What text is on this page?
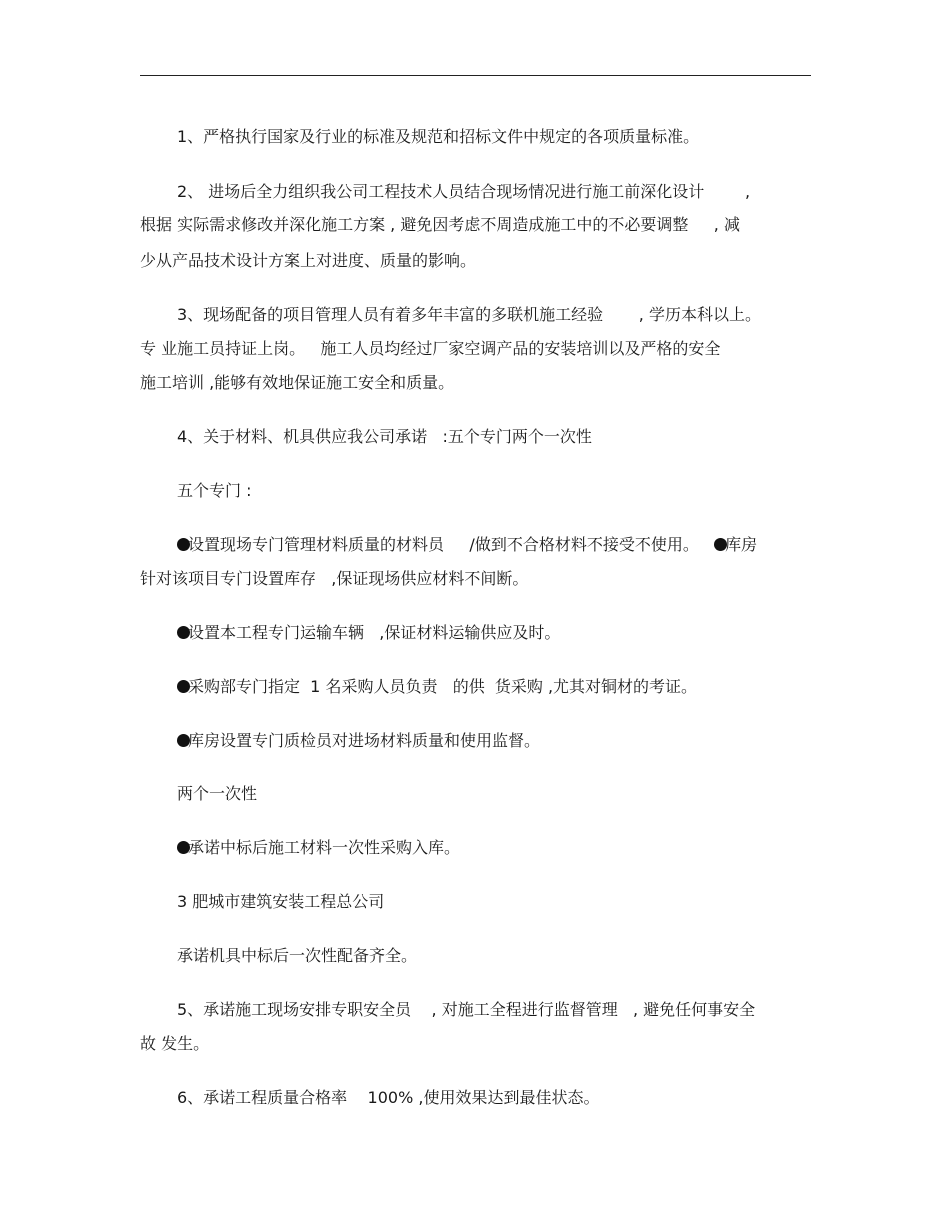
1、严格执行国家及行业的标准及规范和招标文件中规定的各项质量标准。
2、 进场后全力组织我公司工程技术人员结合现场情况进行施工前深化设计        ,
根据 实际需求修改并深化施工方案 , 避免因考虑不周造成施工中的不必要调整     , 减
少从产品技术设计方案上对进度、质量的影响。
3、现场配备的项目管理人员有着多年丰富的多联机施工经验       , 学历本科以上。
专 业施工员持证上岗。   施工人员均经过厂家空调产品的安装培训以及严格的安全
施工培训 ,能够有效地保证施工安全和质量。
4、关于材料、机具供应我公司承诺   :五个专门两个一次性
五个专门 :
设置现场专门管理材料质量的材料员     /做到不合格材料不接受不使用。   库房
针对该项目专门设置库存   ,保证现场供应材料不间断。
设置本工程专门运输车辆   ,保证材料运输供应及时。
采购部专门指定  1 名采购人员负责   的供  货采购 ,尤其对铜材的考证。
库房设置专门质检员对进场材料质量和使用监督。
两个一次性
承诺中标后施工材料一次性采购入库。
3 肥城市建筑安装工程总公司
承诺机具中标后一次性配备齐全。
5、承诺施工现场安排专职安全员    , 对施工全程进行监督管理   , 避免任何事安全
故 发生。
6、承诺工程质量合格率    100% ,使用效果达到最佳状态。
